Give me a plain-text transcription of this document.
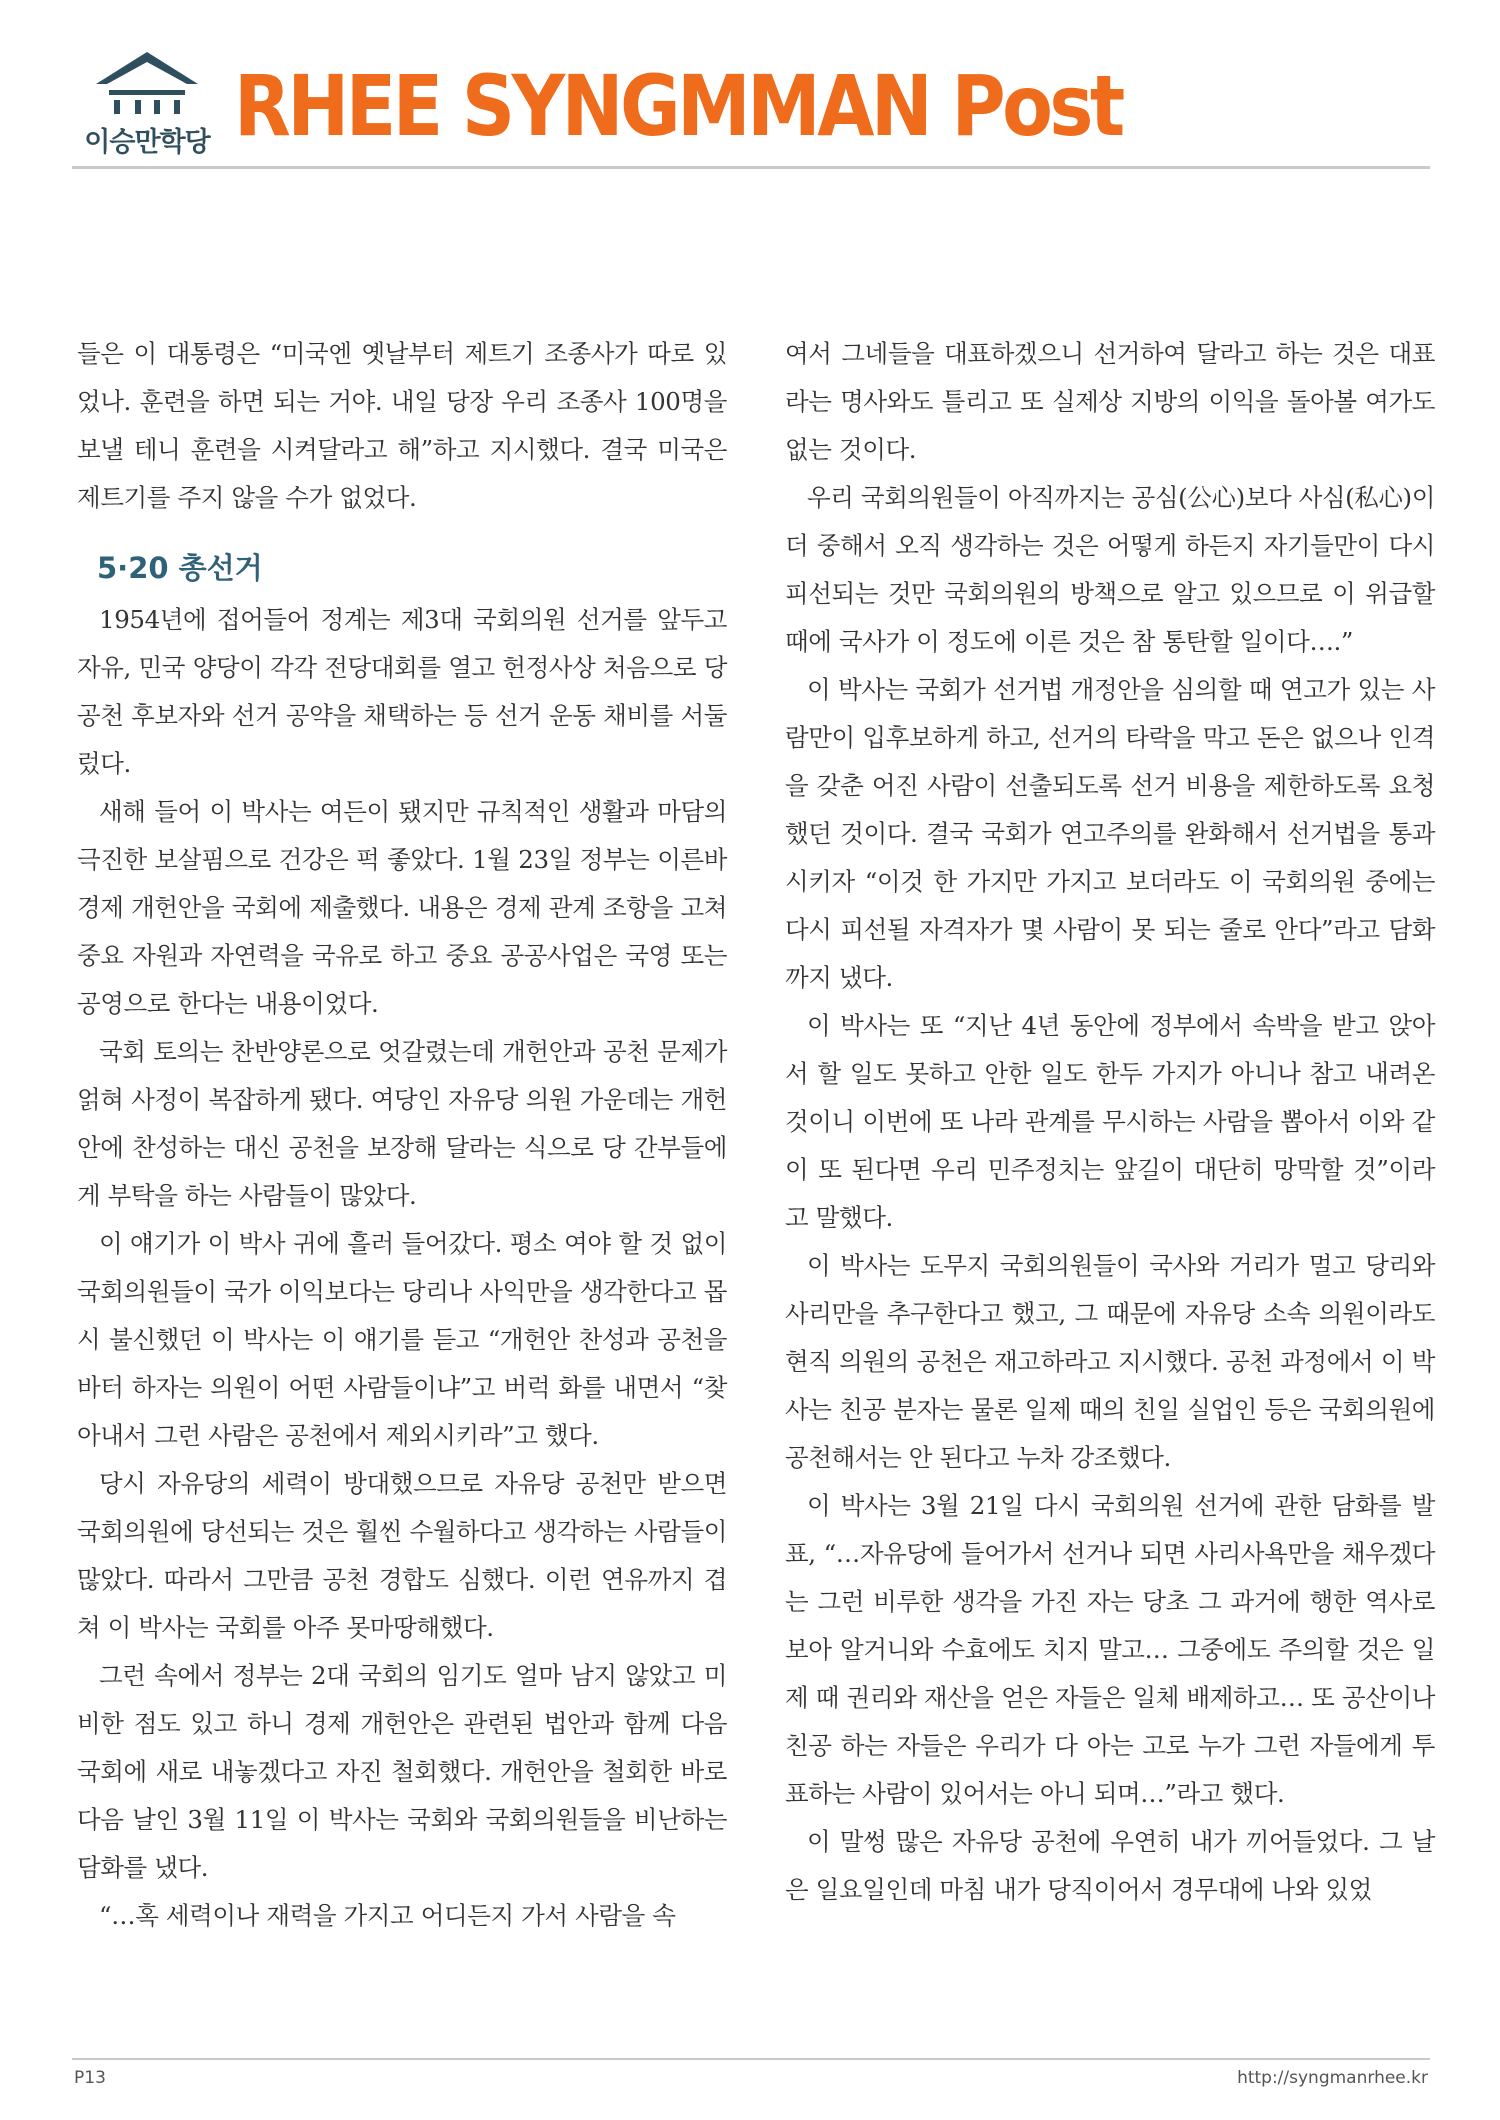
이승만학당 RHEE SYNGMMAN Post

들은 이 대통령은 “미국엔 옛날부터 제트기 조종사가 따로 있었나. 훈련을 하면 되는 거야. 내일 당장 우리 조종사 100명을 보낼 테니 훈련을 시켜달라고 해”하고 지시했다. 결국 미국은 제트기를 주지 않을 수가 없었다.

5·20 총선거

1954년에 접어들어 정계는 제3대 국회의원 선거를 앞두고 자유, 민국 양당이 각각 전당대회를 열고 헌정사상 처음으로 당 공천 후보자와 선거 공약을 채택하는 등 선거 운동 채비를 서둘렀다.

새해 들어 이 박사는 여든이 됐지만 규칙적인 생활과 마담의 극진한 보살핌으로 건강은 퍽 좋았다. 1월 23일 정부는 이른바 경제 개헌안을 국회에 제출했다. 내용은 경제 관계 조항을 고쳐 중요 자원과 자연력을 국유로 하고 중요 공공사업은 국영 또는 공영으로 한다는 내용이었다.

국회 토의는 찬반양론으로 엇갈렸는데 개헌안과 공천 문제가 얽혀 사정이 복잡하게 됐다. 여당인 자유당 의원 가운데는 개헌안에 찬성하는 대신 공천을 보장해 달라는 식으로 당 간부들에게 부탁을 하는 사람들이 많았다.

이 얘기가 이 박사 귀에 흘러 들어갔다. 평소 여야 할 것 없이 국회의원들이 국가 이익보다는 당리나 사익만을 생각한다고 몹시 불신했던 이 박사는 이 얘기를 듣고 “개헌안 찬성과 공천을 바터 하자는 의원이 어떤 사람들이냐”고 버럭 화를 내면서 “찾아내서 그런 사람은 공천에서 제외시키라”고 했다.

당시 자유당의 세력이 방대했으므로 자유당 공천만 받으면 국회의원에 당선되는 것은 훨씬 수월하다고 생각하는 사람들이 많았다. 따라서 그만큼 공천 경합도 심했다. 이런 연유까지 겹쳐 이 박사는 국회를 아주 못마땅해했다.

그런 속에서 정부는 2대 국회의 임기도 얼마 남지 않았고 미비한 점도 있고 하니 경제 개헌안은 관련된 법안과 함께 다음 국회에 새로 내놓겠다고 자진 철회했다. 개헌안을 철회한 바로 다음 날인 3월 11일 이 박사는 국회와 국회의원들을 비난하는 담화를 냈다.

“…혹 세력이나 재력을 가지고 어디든지 가서 사람을 속

여서 그네들을 대표하겠으니 선거하여 달라고 하는 것은 대표라는 명사와도 틀리고 또 실제상 지방의 이익을 돌아볼 여가도 없는 것이다.

우리 국회의원들이 아직까지는 공심(公心)보다 사심(私心)이 더 중해서 오직 생각하는 것은 어떻게 하든지 자기들만이 다시 피선되는 것만 국회의원의 방책으로 알고 있으므로 이 위급할 때에 국사가 이 정도에 이른 것은 참 통탄할 일이다….”

이 박사는 국회가 선거법 개정안을 심의할 때 연고가 있는 사람만이 입후보하게 하고, 선거의 타락을 막고 돈은 없으나 인격을 갖춘 어진 사람이 선출되도록 선거 비용을 제한하도록 요청했던 것이다. 결국 국회가 연고주의를 완화해서 선거법을 통과시키자 “이것 한 가지만 가지고 보더라도 이 국회의원 중에는 다시 피선될 자격자가 몇 사람이 못 되는 줄로 안다”라고 담화까지 냈다.

이 박사는 또 “지난 4년 동안에 정부에서 속박을 받고 앉아서 할 일도 못하고 안한 일도 한두 가지가 아니나 참고 내려온 것이니 이번에 또 나라 관계를 무시하는 사람을 뽑아서 이와 같이 또 된다면 우리 민주정치는 앞길이 대단히 망막할 것”이라고 말했다.

이 박사는 도무지 국회의원들이 국사와 거리가 멀고 당리와 사리만을 추구한다고 했고, 그 때문에 자유당 소속 의원이라도 현직 의원의 공천은 재고하라고 지시했다. 공천 과정에서 이 박사는 친공 분자는 물론 일제 때의 친일 실업인 등은 국회의원에 공천해서는 안 된다고 누차 강조했다.

이 박사는 3월 21일 다시 국회의원 선거에 관한 담화를 발표, “…자유당에 들어가서 선거나 되면 사리사욕만을 채우겠다는 그런 비루한 생각을 가진 자는 당초 그 과거에 행한 역사로 보아 알거니와 수효에도 치지 말고… 그중에도 주의할 것은 일제 때 권리와 재산을 얻은 자들은 일체 배제하고… 또 공산이나 친공 하는 자들은 우리가 다 아는 고로 누가 그런 자들에게 투표하는 사람이 있어서는 아니 되며…”라고 했다.

이 말썽 많은 자유당 공천에 우연히 내가 끼어들었다. 그 날은 일요일인데 마침 내가 당직이어서 경무대에 나와 있었

P13	http://syngmanrhee.kr
